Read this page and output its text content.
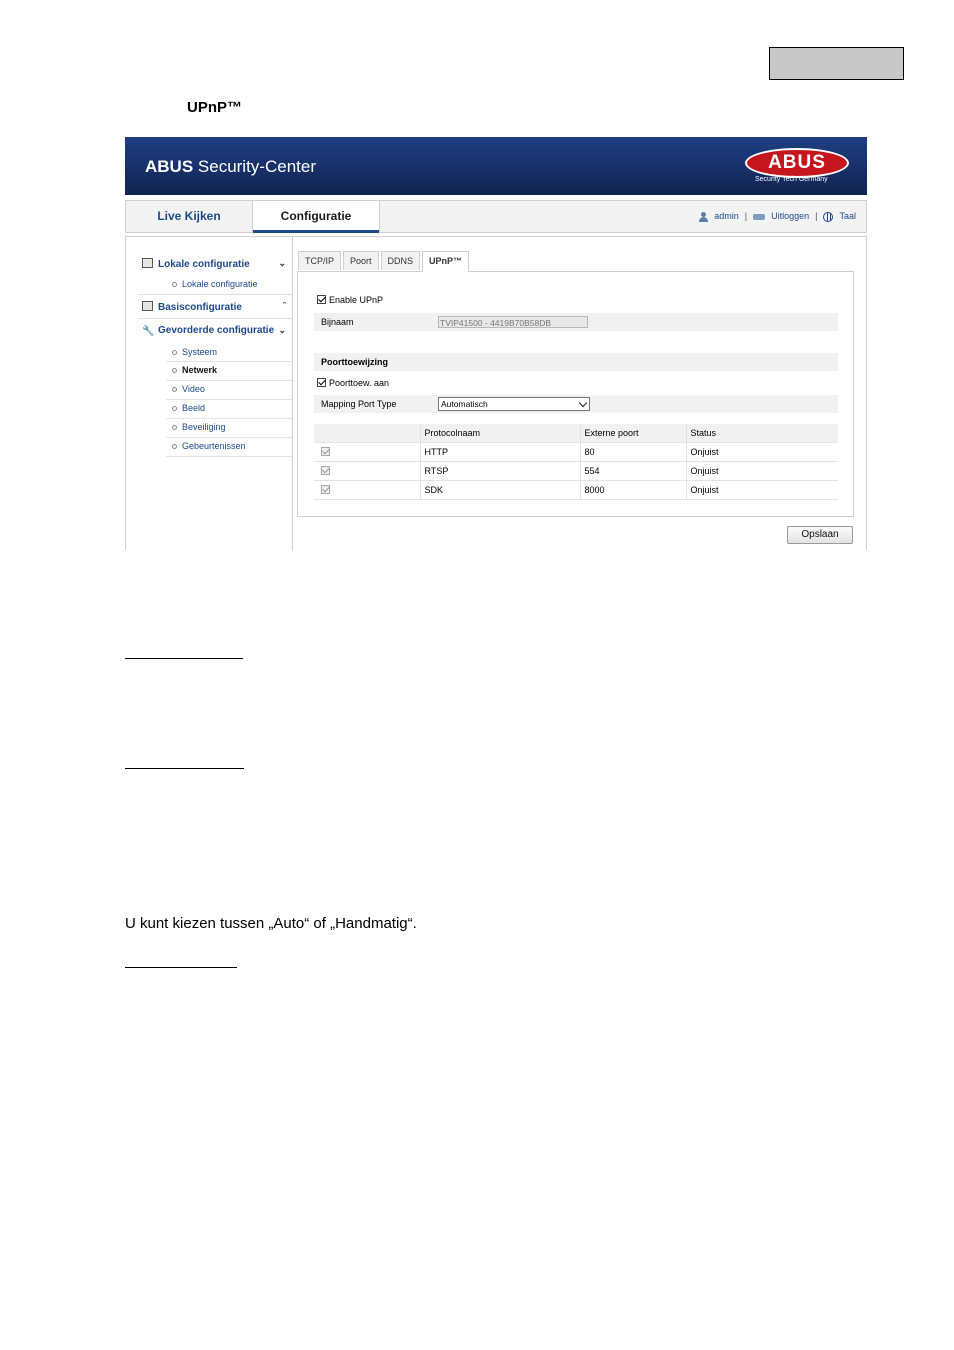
UPnP™
ABUS Security-Center	ABUS
Security Tech Germany
Live Kijken	Configuratie	admin |	Uitloggen | Taal
Lokale configuratie	⌄
Lokale configuratie
Basisconfiguratie	ˆ
🔧 Gevorderde configuratie ⌄
Systeem
Netwerk
Video
Beeld
Beveiliging
Gebeurtenissen
TCP/IP	Poort	DDNS	UPnP™
Enable UPnP
Bijnaam	TVIP41500 - 4419B70B58DB
Poorttoewijzing
Poorttoew. aan
Mapping Port Type	Automatisch
	Protocolnaam	Externe poort	Status
	HTTP	80	Onjuist
	RTSP	554	Onjuist
	SDK	8000	Onjuist
Opslaan
U kunt kiezen tussen „Auto“ of „Handmatig“.
